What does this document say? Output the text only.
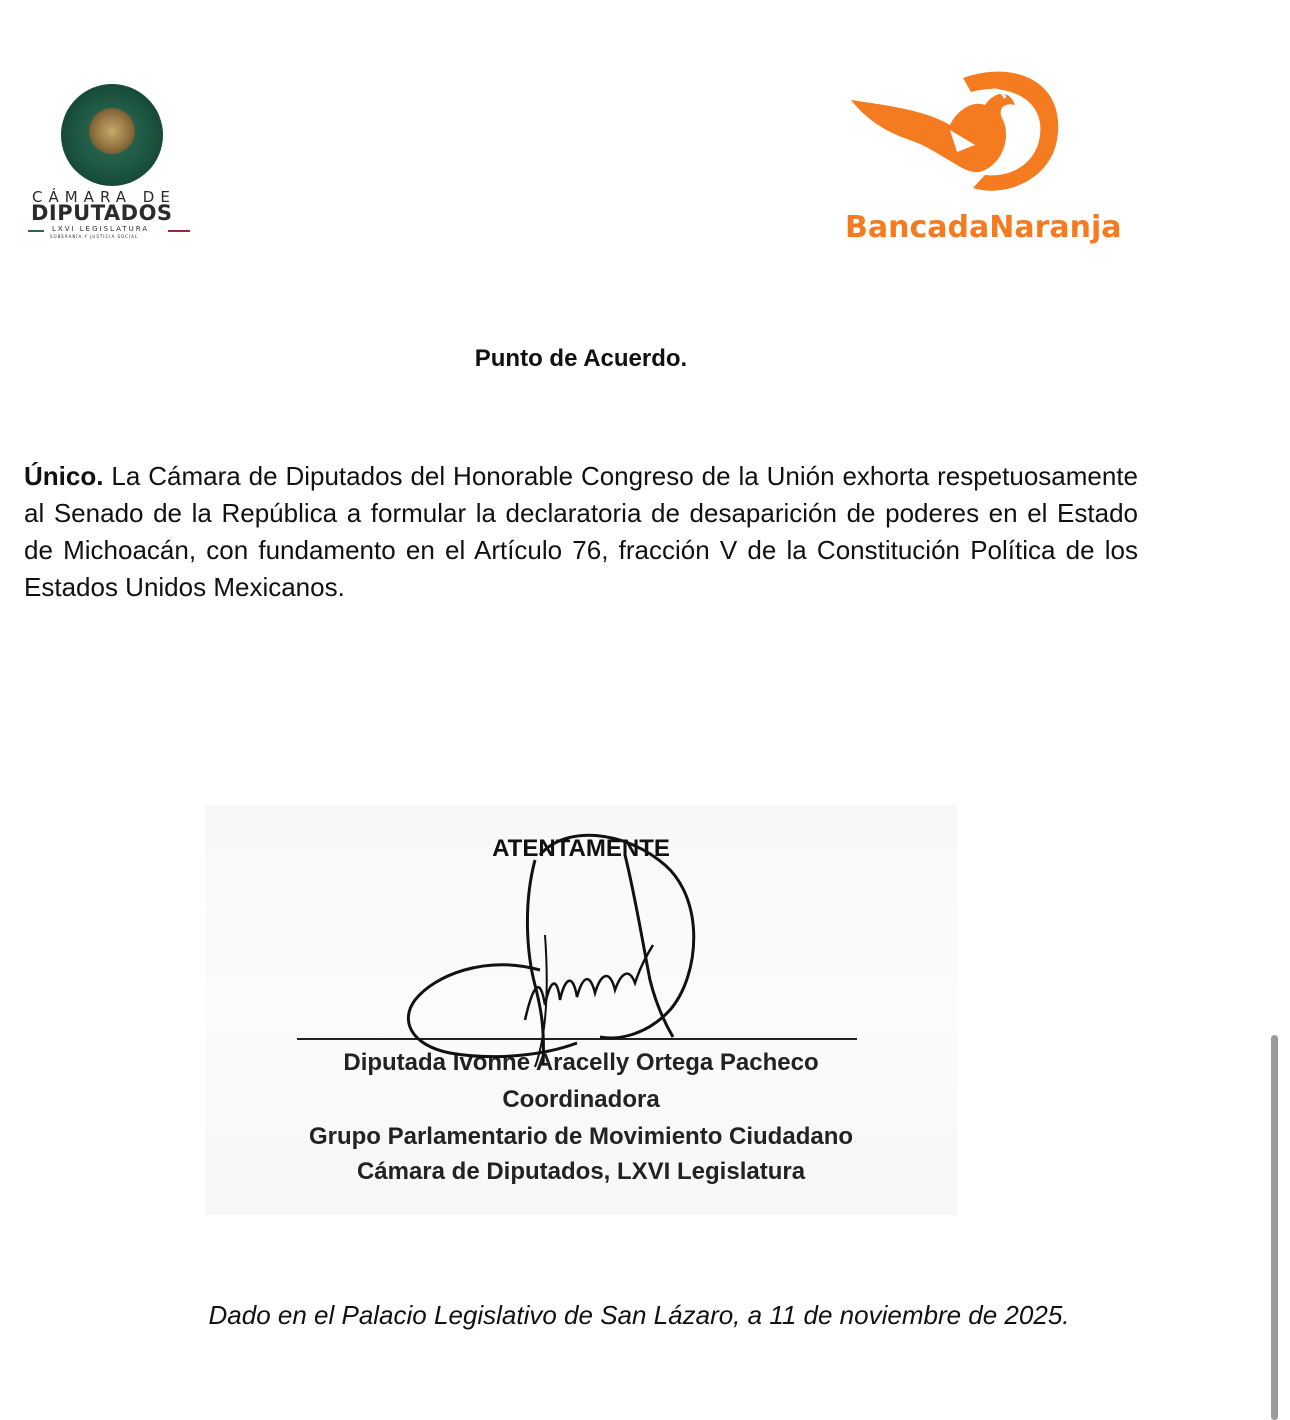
CÁMARA DE
DIPUTADOS
LXVI LEGISLATURA
SOBERANÍA Y JUSTICIA SOCIAL	BancadaNaranja
Punto de Acuerdo.
Único. La Cámara de Diputados del Honorable Congreso de la Unión exhorta respetuosamente al Senado de la República a formular la declaratoria de desaparición de poderes en el Estado de Michoacán, con fundamento en el Artículo 76, fracción V de la Constitución Política de los Estados Unidos Mexicanos.
ATENTAMENTE
Diputada Ivonne Aracelly Ortega Pacheco
Coordinadora
Grupo Parlamentario de Movimiento Ciudadano
Cámara de Diputados, LXVI Legislatura
Dado en el Palacio Legislativo de San Lázaro, a 11 de noviembre de 2025.
